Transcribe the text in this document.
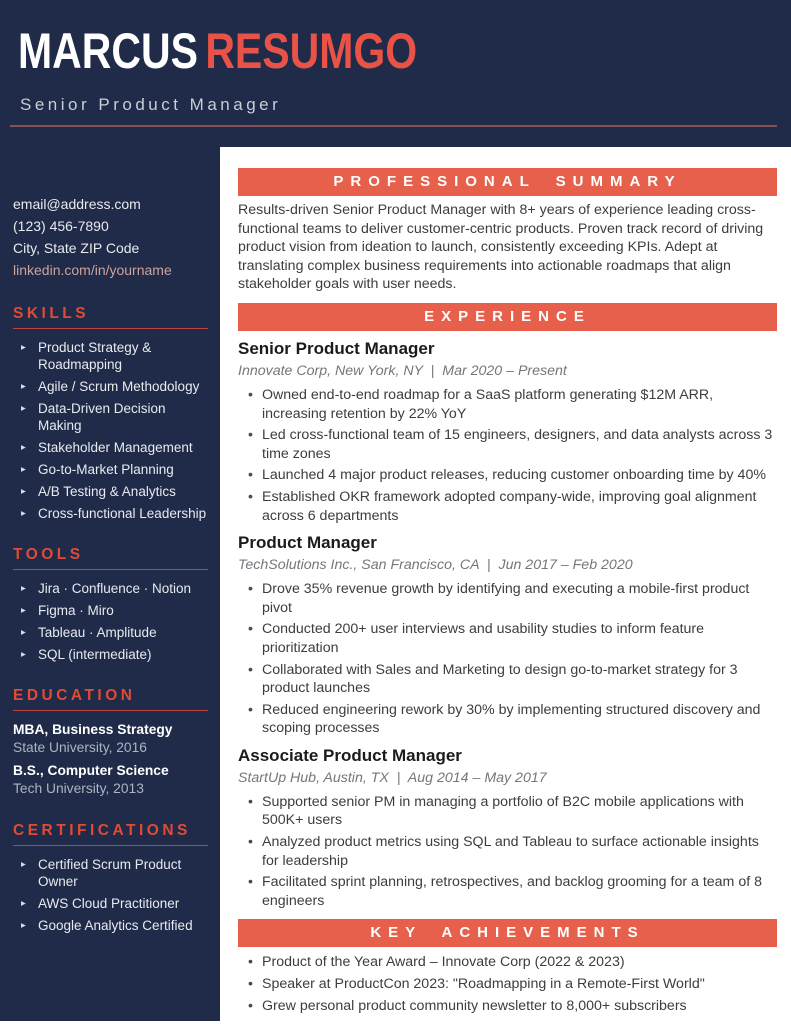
MARCUS RESUMGO
Senior Product Manager
email@address.com
(123) 456-7890
City, State ZIP Code
linkedin.com/in/yourname
SKILLS
▸ Product Strategy & Roadmapping
▸ Agile / Scrum Methodology
▸ Data-Driven Decision Making
▸ Stakeholder Management
▸ Go-to-Market Planning
▸ A/B Testing & Analytics
▸ Cross-functional Leadership
TOOLS
▸ Jira · Confluence · Notion
▸ Figma · Miro
▸ Tableau · Amplitude
▸ SQL (intermediate)
EDUCATION
MBA, Business Strategy
State University, 2016
B.S., Computer Science
Tech University, 2013
CERTIFICATIONS
▸ Certified Scrum Product Owner
▸ AWS Cloud Practitioner
▸ Google Analytics Certified
PROFESSIONAL SUMMARY

Results-driven Senior Product Manager with 8+ years of experience leading cross-functional teams to deliver customer-centric products. Proven track record of driving product vision from ideation to launch, consistently exceeding KPIs. Adept at translating complex business requirements into actionable roadmaps that align stakeholder goals with user needs.

EXPERIENCE
Senior Product Manager
Innovate Corp, New York, NY  |  Mar 2020 – Present
• Owned end-to-end roadmap for a SaaS platform generating $12M ARR, increasing retention by 22% YoY
• Led cross-functional team of 15 engineers, designers, and data analysts across 3 time zones
• Launched 4 major product releases, reducing customer onboarding time by 40%
• Established OKR framework adopted company-wide, improving goal alignment across 6 departments
Product Manager
TechSolutions Inc., San Francisco, CA  |  Jun 2017 – Feb 2020
• Drove 35% revenue growth by identifying and executing a mobile-first product pivot
• Conducted 200+ user interviews and usability studies to inform feature prioritization
• Collaborated with Sales and Marketing to design go-to-market strategy for 3 product launches
• Reduced engineering rework by 30% by implementing structured discovery and scoping processes
Associate Product Manager
StartUp Hub, Austin, TX  |  Aug 2014 – May 2017
• Supported senior PM in managing a portfolio of B2C mobile applications with 500K+ users
• Analyzed product metrics using SQL and Tableau to surface actionable insights for leadership
• Facilitated sprint planning, retrospectives, and backlog grooming for a team of 8 engineers
KEY ACHIEVEMENTS
• Product of the Year Award – Innovate Corp (2022 & 2023)
• Speaker at ProductCon 2023: "Roadmapping in a Remote-First World"
• Grew personal product community newsletter to 8,000+ subscribers
